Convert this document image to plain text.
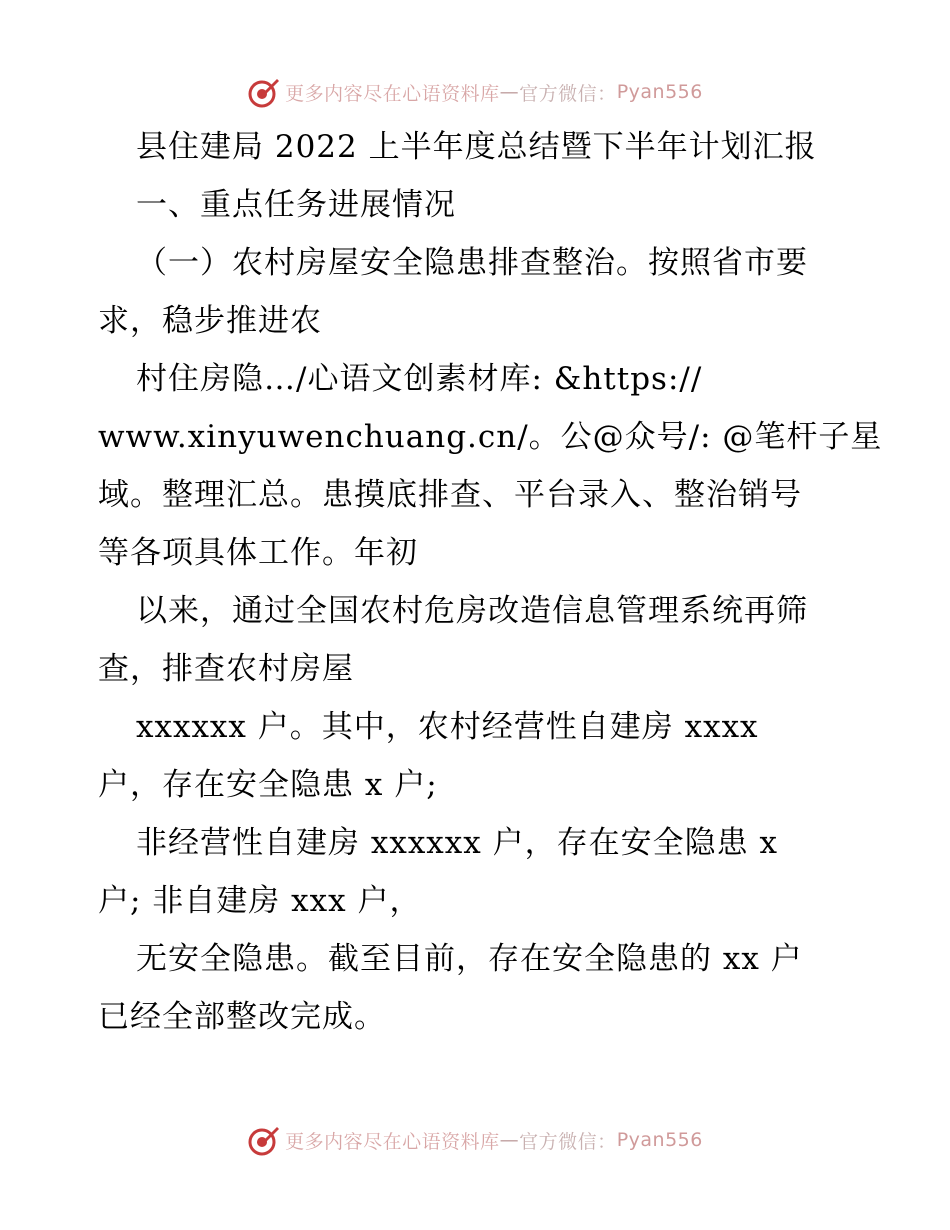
更多内容尽在心语资料库 — 官方微信： Pyan556
县住建局 2022 上半年度总结暨下半年计划汇报
一、重点任务进展情况
（一）农村房屋安全隐患排查整治。按照省市要
求，稳步推进农
村住房隐…/心语文创素材库: &https://
www.xinyuwenchuang.cn/。公@众号/: @笔杆子星
域。整理汇总。患摸底排查、平台录入、整治销号
等各项具体工作。年初
以来，通过全国农村危房改造信息管理系统再筛
查，排查农村房屋
xxxxxx 户。其中，农村经营性自建房 xxxx
户，存在安全隐患 x 户;
非经营性自建房 xxxxxx 户，存在安全隐患 x
户; 非自建房 xxx 户，
无安全隐患。截至目前，存在安全隐患的 xx 户
已经全部整改完成。
更多内容尽在心语资料库 — 官方微信： Pyan556
